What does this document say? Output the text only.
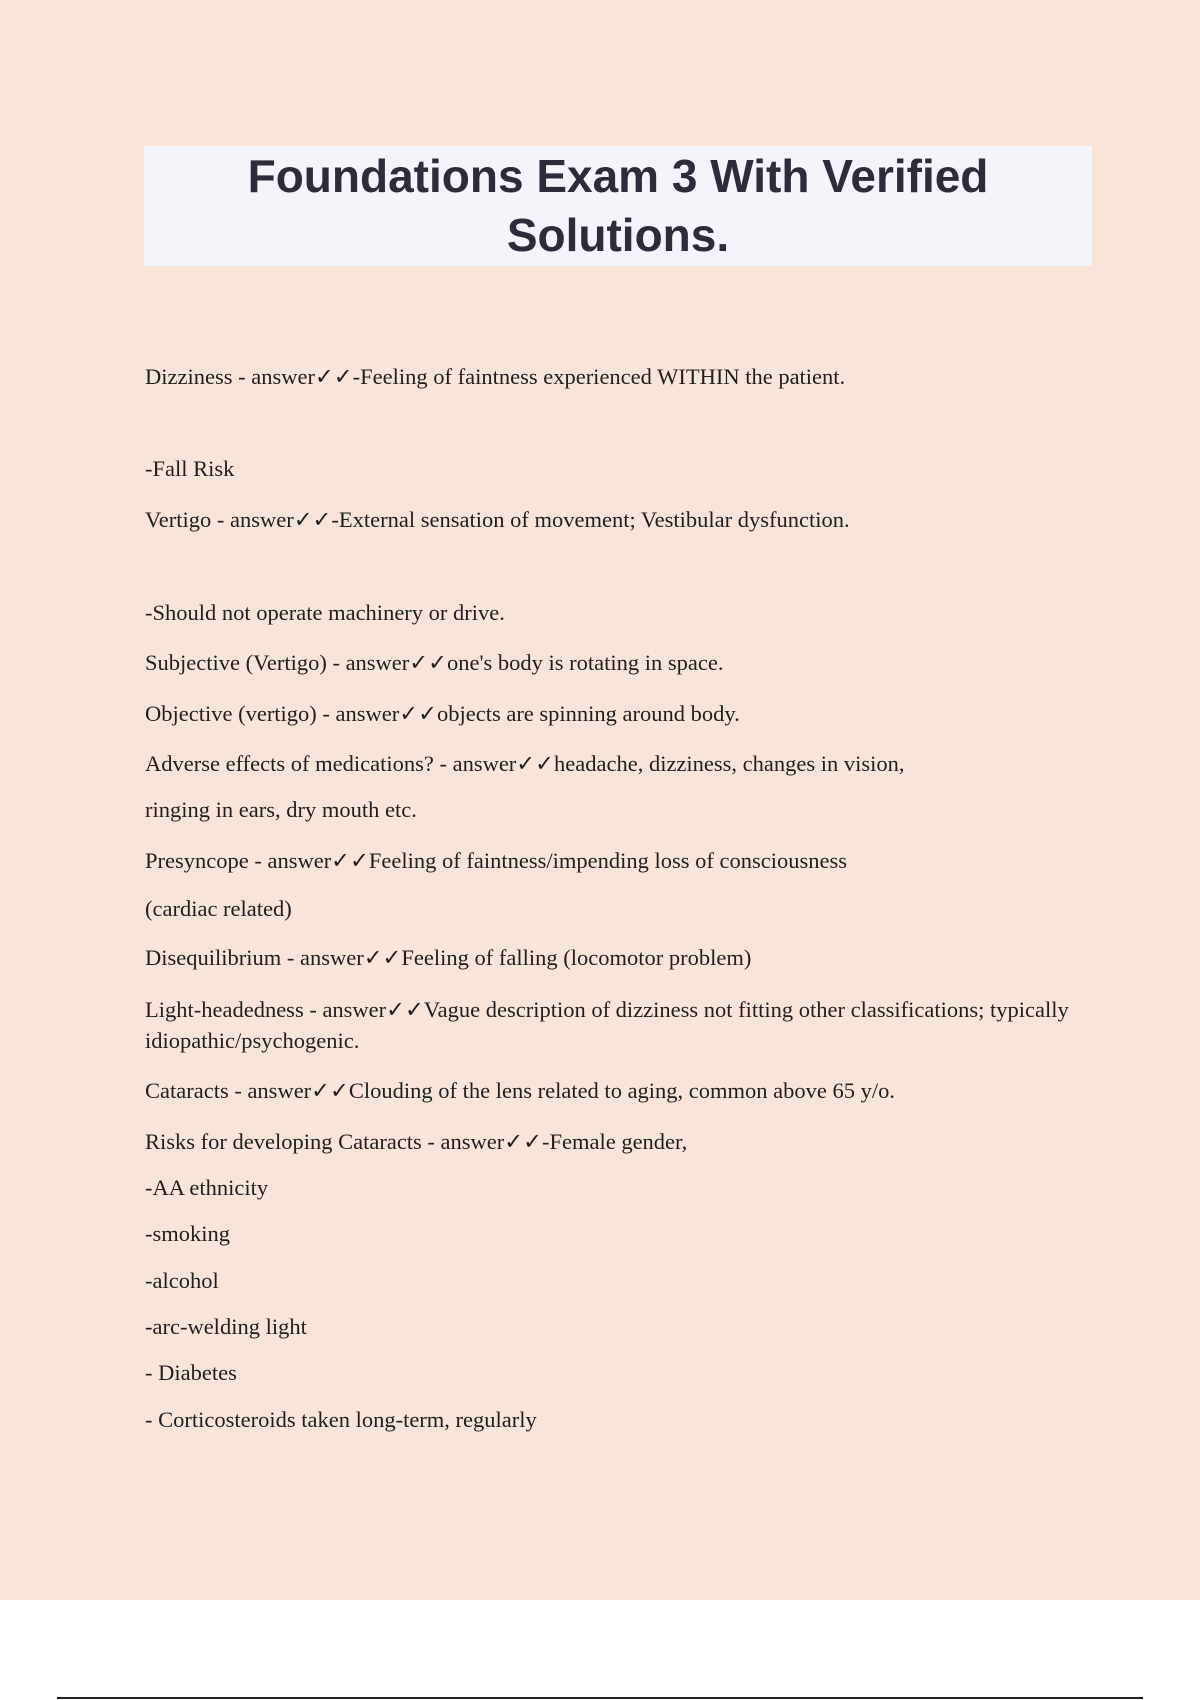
Foundations Exam 3 With Verified Solutions.
Dizziness - answer✓✓-Feeling of faintness experienced WITHIN the patient.
-Fall Risk
Vertigo - answer✓✓-External sensation of movement; Vestibular dysfunction.
-Should not operate machinery or drive.
Subjective (Vertigo) - answer✓✓one's body is rotating in space.
Objective (vertigo) - answer✓✓objects are spinning around body.
Adverse effects of medications? - answer✓✓headache, dizziness, changes in vision,
ringing in ears, dry mouth etc.
Presyncope - answer✓✓Feeling of faintness/impending loss of consciousness
(cardiac related)
Disequilibrium - answer✓✓Feeling of falling (locomotor problem)
Light-headedness - answer✓✓Vague description of dizziness not fitting other classifications; typically idiopathic/psychogenic.
Cataracts - answer✓✓Clouding of the lens related to aging, common above 65 y/o.
Risks for developing Cataracts - answer✓✓-Female gender,
-AA ethnicity
-smoking
-alcohol
-arc-welding light
- Diabetes
- Corticosteroids taken long-term, regularly
